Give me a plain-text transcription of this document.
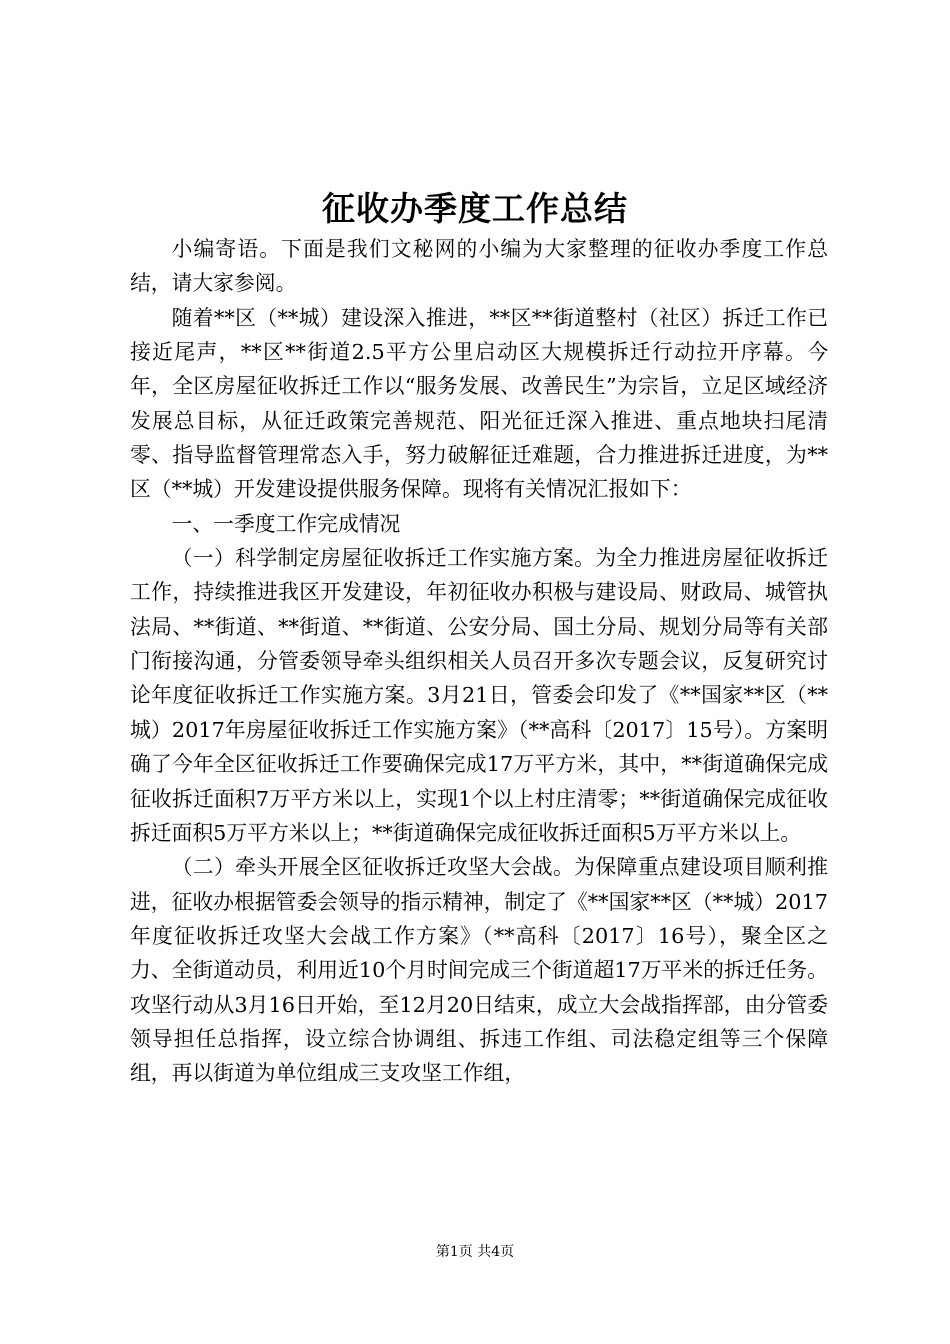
征收办季度工作总结

小编寄语。下面是我们文秘网的小编为大家整理的征收办季度工作总结，请大家参阅。

随着**区（**城）建设深入推进，**区**街道整村（社区）拆迁工作已接近尾声，**区**街道2.5平方公里启动区大规模拆迁行动拉开序幕。今年，全区房屋征收拆迁工作以“服务发展、改善民生”为宗旨，立足区域经济发展总目标，从征迁政策完善规范、阳光征迁深入推进、重点地块扫尾清零、指导监督管理常态入手，努力破解征迁难题，合力推进拆迁进度，为**区（**城）开发建设提供服务保障。现将有关情况汇报如下：

一、一季度工作完成情况

（一）科学制定房屋征收拆迁工作实施方案。为全力推进房屋征收拆迁工作，持续推进我区开发建设，年初征收办积极与建设局、财政局、城管执法局、**街道、**街道、**街道、公安分局、国土分局、规划分局等有关部门衔接沟通，分管委领导牵头组织相关人员召开多次专题会议，反复研究讨论年度征收拆迁工作实施方案。3月21日，管委会印发了《**国家**区（**城）2017年房屋征收拆迁工作实施方案》（**高科〔2017〕15号）。方案明确了今年全区征收拆迁工作要确保完成17万平方米，其中，**街道确保完成征收拆迁面积7万平方米以上，实现1个以上村庄清零；**街道确保完成征收拆迁面积5万平方米以上；**街道确保完成征收拆迁面积5万平方米以上。

（二）牵头开展全区征收拆迁攻坚大会战。为保障重点建设项目顺利推进，征收办根据管委会领导的指示精神，制定了《**国家**区（**城）2017年度征收拆迁攻坚大会战工作方案》（**高科〔2017〕16号），聚全区之力、全街道动员，利用近10个月时间完成三个街道超17万平米的拆迁任务。攻坚行动从3月16日开始，至12月20日结束，成立大会战指挥部，由分管委领导担任总指挥，设立综合协调组、拆违工作组、司法稳定组等三个保障组，再以街道为单位组成三支攻坚工作组，

第1页 共4页
